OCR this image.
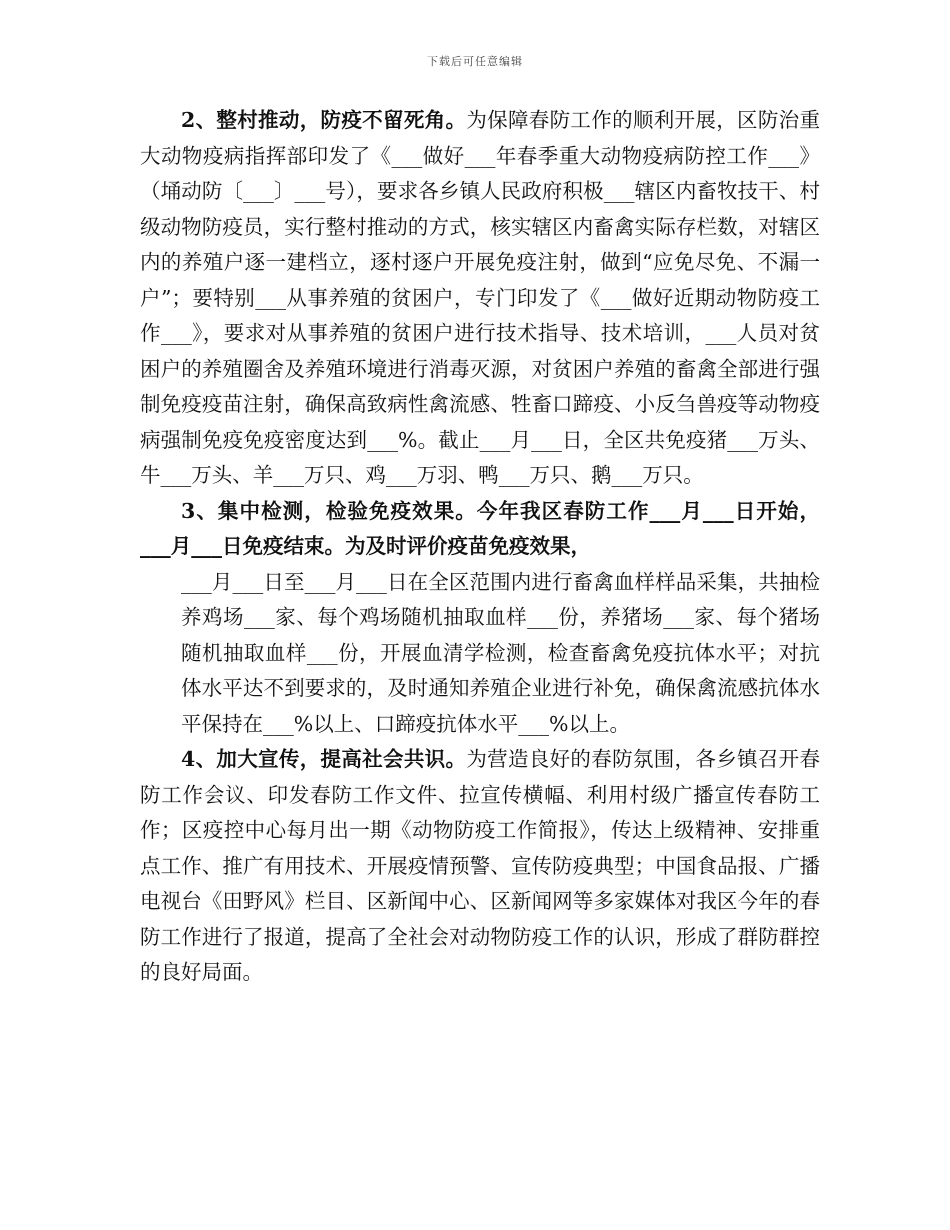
下载后可任意编辑

2、整村推动，防疫不留死角。为保障春防工作的顺利开展，区防治重大动物疫病指挥部印发了《___做好___年春季重大动物疫病防控工作___》（埇动防〔___〕___号），要求各乡镇人民政府积极___辖区内畜牧技干、村级动物防疫员，实行整村推动的方式，核实辖区内畜禽实际存栏数，对辖区内的养殖户逐一建档立，逐村逐户开展免疫注射，做到“应免尽免、不漏一户”；要特别___从事养殖的贫困户，专门印发了《___做好近期动物防疫工作___》，要求对从事养殖的贫困户进行技术指导、技术培训，___人员对贫困户的养殖圈舍及养殖环境进行消毒灭源，对贫困户养殖的畜禽全部进行强制免疫疫苗注射，确保高致病性禽流感、牲畜口蹄疫、小反刍兽疫等动物疫病强制免疫免疫密度达到___%。截止___月___日，全区共免疫猪___万头、牛___万头、羊___万只、鸡___万羽、鸭___万只、鹅___万只。

3、集中检测，检验免疫效果。今年我区春防工作___月___日开始，___月___日免疫结束。为及时评价疫苗免疫效果，

___月___日至___月___日在全区范围内进行畜禽血样样品采集，共抽检养鸡场___家、每个鸡场随机抽取血样___份，养猪场___家、每个猪场随机抽取血样___份，开展血清学检测，检查畜禽免疫抗体水平；对抗体水平达不到要求的，及时通知养殖企业进行补免，确保禽流感抗体水平保持在___%以上、口蹄疫抗体水平___%以上。

4、加大宣传，提高社会共识。为营造良好的春防氛围，各乡镇召开春防工作会议、印发春防工作文件、拉宣传横幅、利用村级广播宣传春防工作；区疫控中心每月出一期《动物防疫工作简报》，传达上级精神、安排重点工作、推广有用技术、开展疫情预警、宣传防疫典型；中国食品报、广播电视台《田野风》栏目、区新闻中心、区新闻网等多家媒体对我区今年的春防工作进行了报道，提高了全社会对动物防疫工作的认识，形成了群防群控的良好局面。
